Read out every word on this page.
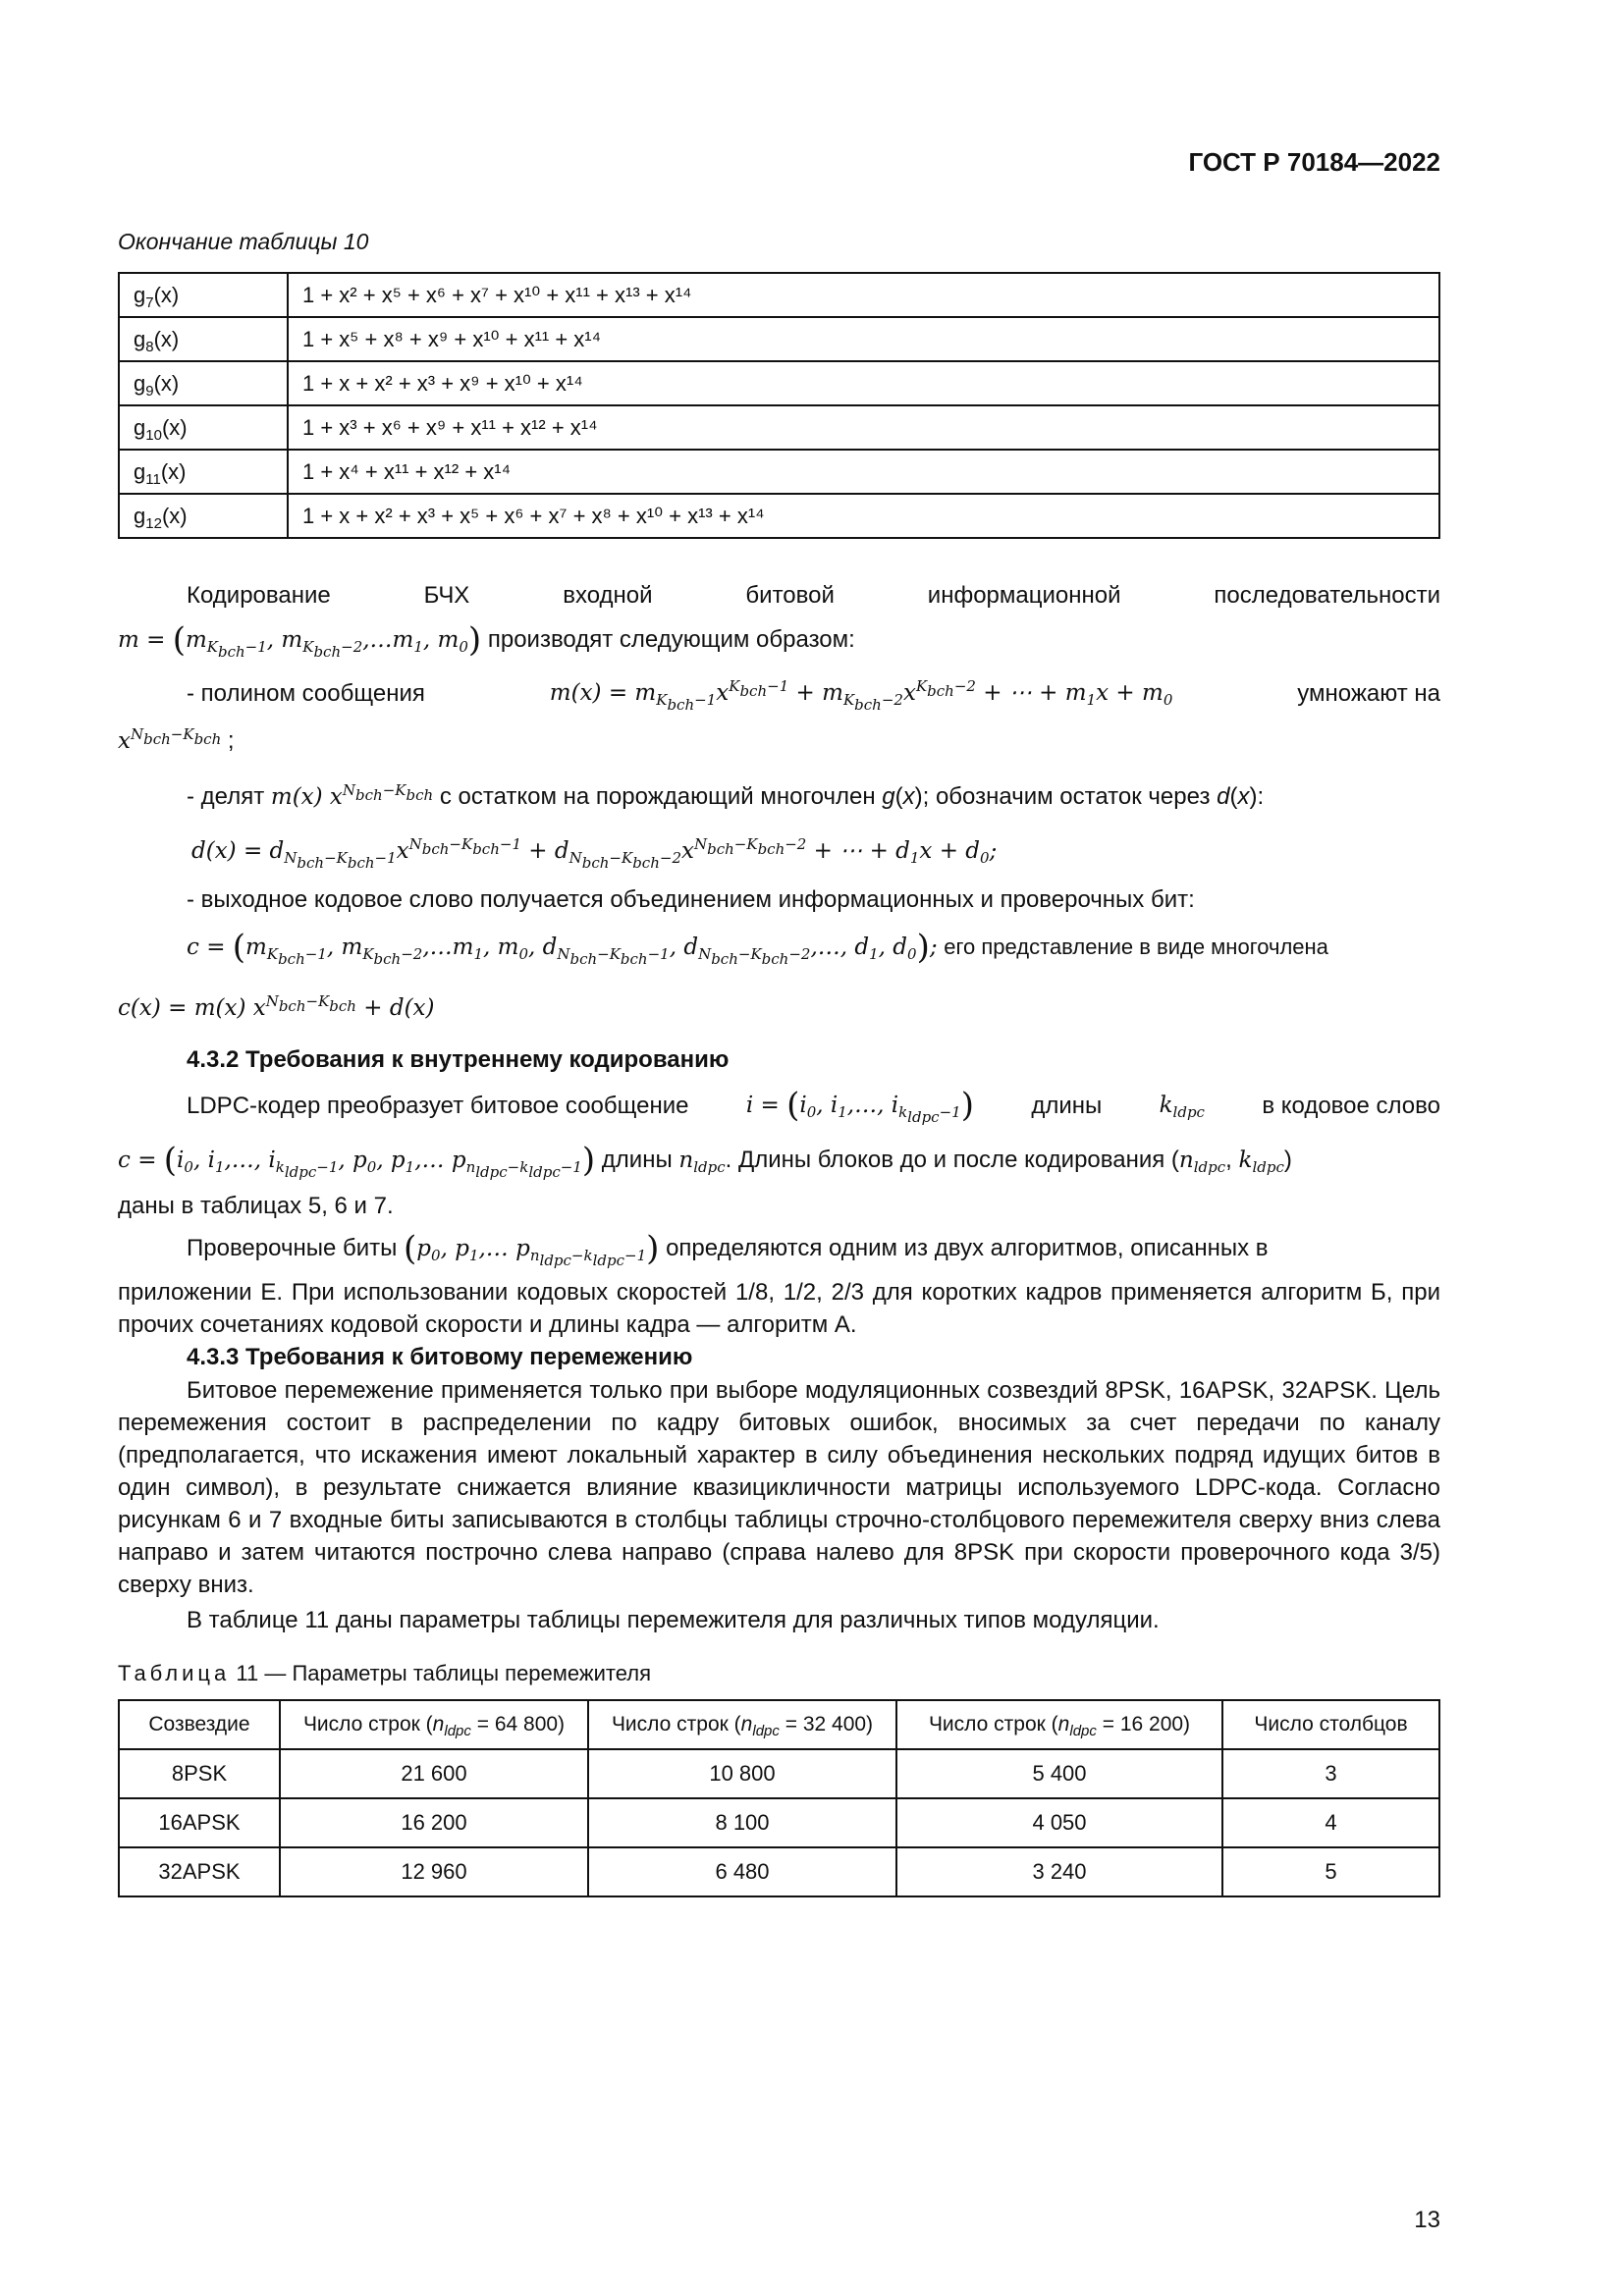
ГОСТ Р 70184—2022
Окончание таблицы 10
$g_7(x)$	1 + x² + x⁵ + x⁶ + x⁷ + x¹⁰ + x¹¹ + x¹³ + x¹⁴
$g_8(x)$	1 + x⁵ + x⁸ + x⁹ + x¹⁰ + x¹¹ + x¹⁴
$g_9(x)$	1 + x + x² + x³ + x⁹ + x¹⁰ + x¹⁴
$g_{10}(x)$	1 + x³ + x⁶ + x⁹ + x¹¹ + x¹² + x¹⁴
$g_{11}(x)$	1 + x⁴ + x¹¹ + x¹² + x¹⁴
$g_{12}(x)$	1 + x + x² + x³ + x⁵ + x⁶ + x⁷ + x⁸ + x¹⁰ + x¹³ + x¹⁴
Кодирование БЧХ входной битовой информационной последовательности
$m = (m_{K_{bch}-1}$, $m_{K_{bch}-2},\dots m_1$, $m_0$) производят следующим образом:
- полином сообщения	$m(x) = m_{K_{bch}-1}x^{K_{bch}-1} + m_{K_{bch}-2}x^{K_{bch}-2}$ + ⋯ + $m_1x + m_0$	умножают на
$x^{N_{bch}-K_{bch}}$ ;
- делят m(x) $x^{N_{bch}-K_{bch}}$ с остатком на порождающий многочлен g(x); обозначим остаток через d(x):
$d(x) = d_{N_{bch}-K_{bch}-1}x^{N_{bch}-K_{bch}-1} + d_{N_{bch}-K_{bch}-2}x^{N_{bch}-K_{bch}-2}$ + ⋯ + $d_1x + d_0$;
- выходное кодовое слово получается объединением информационных и проверочных бит:
$c = (m_{K_{bch}-1}$, $m_{K_{bch}-2},\dots m_1$, $m_0$, $d_{N_{bch}-K_{bch}-1}$, $d_{N_{bch}-K_{bch}-2},\dots$, $d_1$, $d_0$); его представление в виде многочлена
c(x) = m(x) $x^{N_{bch}-K_{bch}} + d(x)$
4.3.2 Требования к внутреннему кодированию
LDPC-кодер преобразует битовое сообщение	$i = (i_0$, $i_1,\dots$, $i_{k_{ldpc}-1}$) длины	$k_{ldpc}$ в кодовое слово
$c = (i_0$, $i_1,\dots$, $i_{k_{ldpc}-1}$, $p_0$, $p_1,\dots$ $p_{n_{ldpc}-k_{ldpc}-1}$) длины $n_{ldpc}$. Длины блоков до и после кодирования ($n_{ldpc}$, $k_{ldpc}$)
даны в таблицах 5, 6 и 7.
Проверочные биты ($p_0$, $p_1,\dots$ $p_{n_{ldpc}-k_{ldpc}-1}$) определяются одним из двух алгоритмов, описанных в
приложении Е. При использовании кодовых скоростей 1/8, 1/2, 2/3 для коротких кадров применяется алгоритм Б, при прочих сочетаниях кодовой скорости и длины кадра — алгоритм А.
4.3.3 Требования к битовому перемежению
Битовое перемежение применяется только при выборе модуляционных созвездий 8PSK, 16APSK, 32APSK. Цель перемежения состоит в распределении по кадру битовых ошибок, вносимых за счет передачи по каналу (предполагается, что искажения имеют локальный характер в силу объединения нескольких подряд идущих битов в один символ), в результате снижается влияние квазицикличности матрицы используемого LDPC-кода. Согласно рисункам 6 и 7 входные биты записываются в столбцы таблицы строчно-столбцового перемежителя сверху вниз слева направо и затем читаются построчно слева направо (справа налево для 8PSK при скорости проверочного кода 3/5) сверху вниз.
В таблице 11 даны параметры таблицы перемежителя для различных типов модуляции.
Таблица 11 — Параметры таблицы перемежителя
Созвездие	Число строк ($n_{ldpc} = 64$ 800)	Число строк ($n_{ldpc} = 32$ 400)	Число строк ($n_{ldpc} = 16$ 200)	Число столбцов
8PSK	21 600	10 800	5 400	3
16APSK	16 200	8 100	4 050	4
32APSK	12 960	6 480	3 240	5
13
